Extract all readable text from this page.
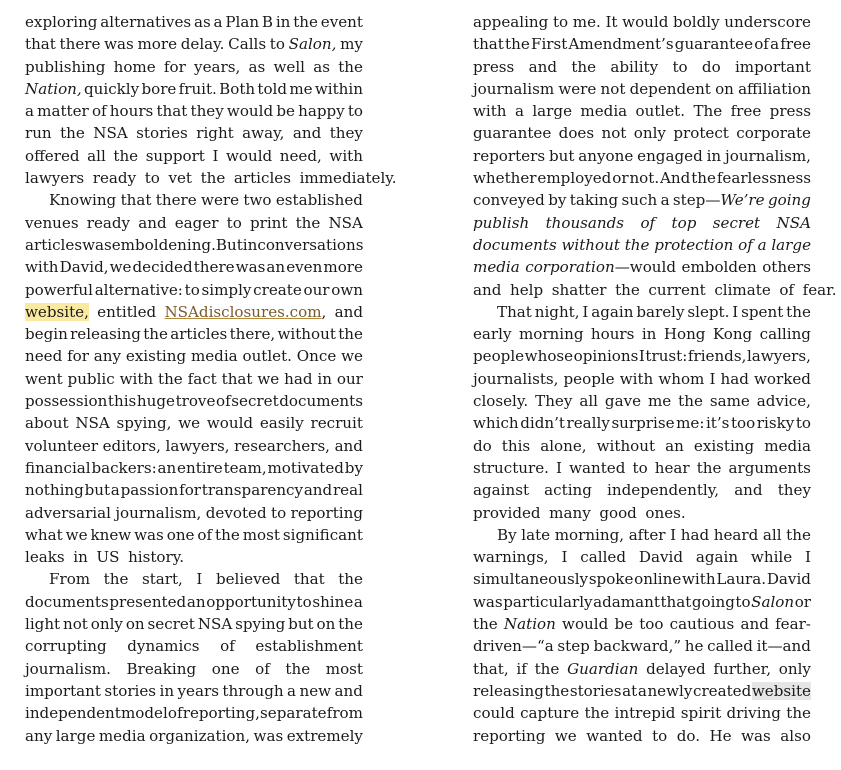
exploring alternatives as a Plan B in the event
that there was more delay. Calls to Salon, my
publishing home for years, as well as the
Nation, quickly bore fruit. Both told me within
a matter of hours that they would be happy to
run the NSA stories right away, and they
offered all the support I would need, with
lawyers ready to vet the articles immediately.
Knowing that there were two established
venues ready and eager to print the NSA
articles was emboldening. But in conversations
with David, we decided there was an even more
powerful alternative: to simply create our own
website, entitled NSAdisclosures.com, and
begin releasing the articles there, without the
need for any existing media outlet. Once we
went public with the fact that we had in our
possession this huge trove of secret documents
about NSA spying, we would easily recruit
volunteer editors, lawyers, researchers, and
financial backers: an entire team, motivated by
nothing but a passion for transparency and real
adversarial journalism, devoted to reporting
what we knew was one of the most significant
leaks in US history.
From the start, I believed that the
documents presented an opportunity to shine a
light not only on secret NSA spying but on the
corrupting dynamics of establishment
journalism. Breaking one of the most
important stories in years through a new and
independent model of reporting, separate from
any large media organization, was extremely
appealing to me. It would boldly underscore
that the First Amendment’s guarantee of a free
press and the ability to do important
journalism were not dependent on affiliation
with a large media outlet. The free press
guarantee does not only protect corporate
reporters but anyone engaged in journalism,
whether employed or not. And the fearlessness
conveyed by taking such a step—We’re going
publish thousands of top secret NSA
documents without the protection of a large
media corporation—would embolden others
and help shatter the current climate of fear.
That night, I again barely slept. I spent the
early morning hours in Hong Kong calling
people whose opinions I trust: friends, lawyers,
journalists, people with whom I had worked
closely. They all gave me the same advice,
which didn’t really surprise me: it’s too risky to
do this alone, without an existing media
structure. I wanted to hear the arguments
against acting independently, and they
provided many good ones.
By late morning, after I had heard all the
warnings, I called David again while I
simultaneously spoke online with Laura. David
was particularly adamant that going to Salon or
the Nation would be too cautious and fear-
driven—“a step backward,” he called it—and
that, if the Guardian delayed further, only
releasing the stories at a newly created website
could capture the intrepid spirit driving the
reporting we wanted to do. He was also
